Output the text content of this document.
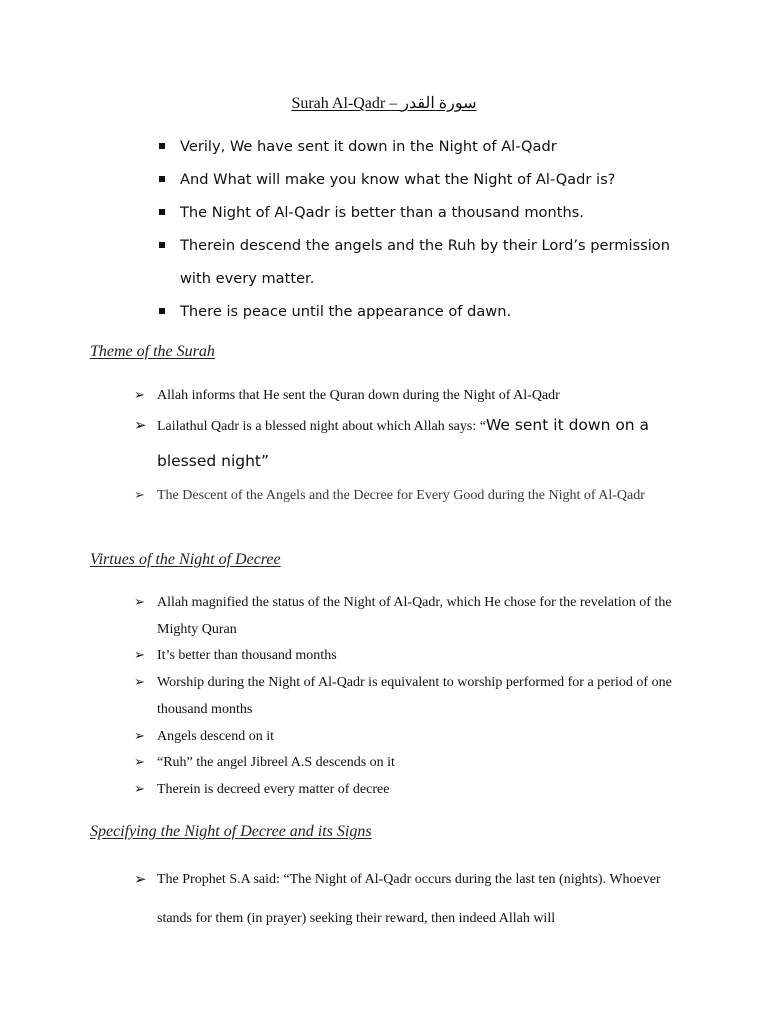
Surah Al-Qadr – سورة القدر
Verily, We have sent it down in the Night of Al-Qadr
And What will make you know what the Night of Al-Qadr is?
The Night of Al-Qadr is better than a thousand months.
Therein descend the angels and the Ruh by their Lord’s permission with every matter.
There is peace until the appearance of dawn.
Theme of the Surah
➢ Allah informs that He sent the Quran down during the Night of Al-Qadr
➢ Lailathul Qadr is a blessed night about which Allah says: “We sent it down on a blessed night”
➢ The Descent of the Angels and the Decree for Every Good during the Night of Al-Qadr
Virtues of the Night of Decree
➢ Allah magnified the status of the Night of Al-Qadr, which He chose for the revelation of the Mighty Quran
➢ It’s better than thousand months
➢ Worship during the Night of Al-Qadr is equivalent to worship performed for a period of one thousand months
➢ Angels descend on it
➢ “Ruh” the angel Jibreel A.S descends on it
➢ Therein is decreed every matter of decree
Specifying the Night of Decree and its Signs
➢ The Prophet S.A said: “The Night of Al-Qadr occurs during the last ten (nights). Whoever stands for them (in prayer) seeking their reward, then indeed Allah will
